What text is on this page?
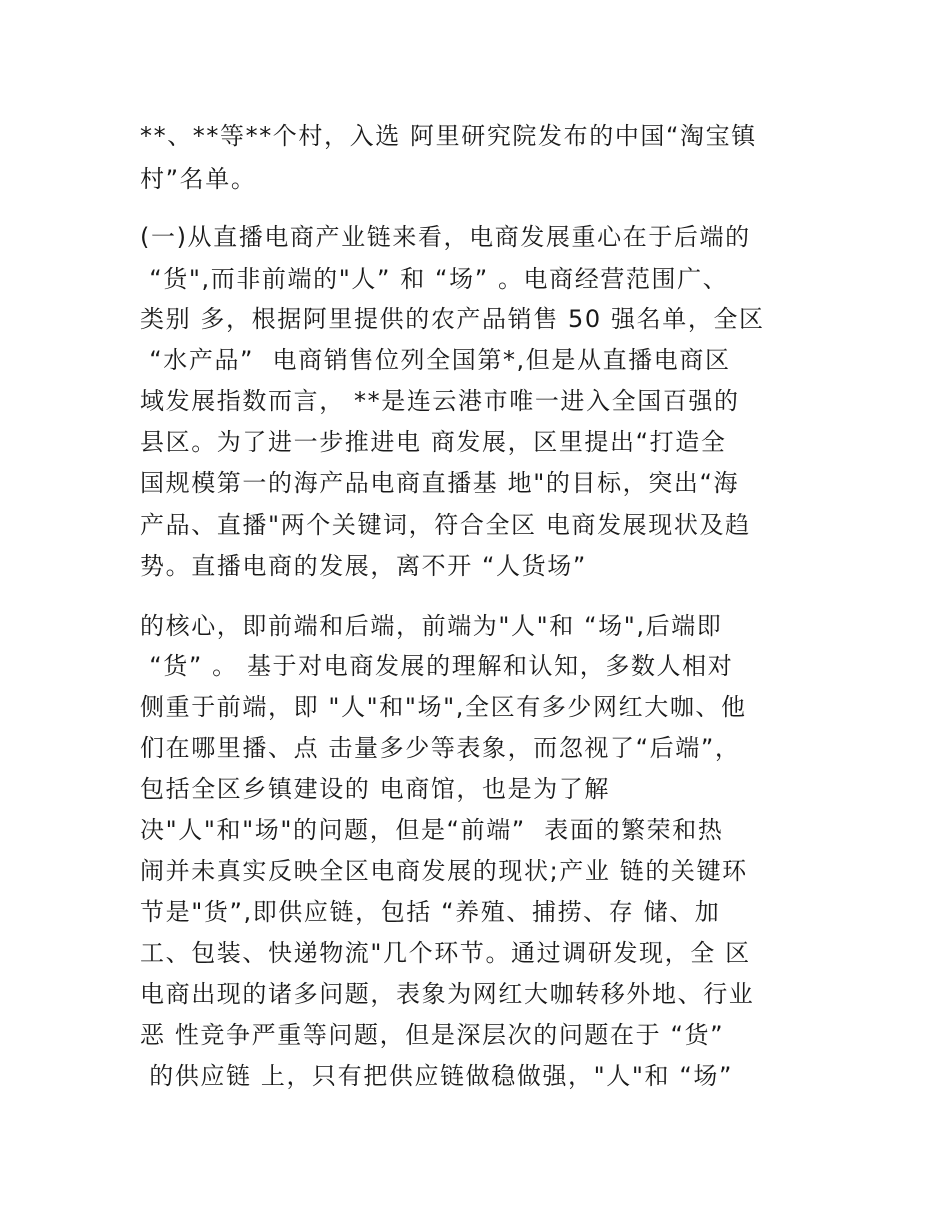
**、**等**个村，入选 阿里研究院发布的中国“淘宝镇
村”名单。
(一)从直播电商产业链来看，电商发展重心在于后端的
“货",而非前端的"人” 和 “场” 。电商经营范围广、
类别 多，根据阿里提供的农产品销售 50 强名单，全区
“水产品”  电商销售位列全国第*,但是从直播电商区
域发展指数而言， **是连云港市唯一进入全国百强的
县区。为了进一步推进电 商发展，区里提出“打造全
国规模第一的海产品电商直播基 地"的目标，突出“海
产品、直播"两个关键词，符合全区 电商发展现状及趋
势。直播电商的发展，离不开 “人货场”
的核心，即前端和后端，前端为"人"和 “场",后端即
“货” 。 基于对电商发展的理解和认知，多数人相对
侧重于前端，即 "人"和"场",全区有多少网红大咖、他
们在哪里播、点 击量多少等表象，而忽视了“后端”，
包括全区乡镇建设的 电商馆，也是为了解
决"人"和"场"的问题，但是“前端”  表面的繁荣和热
闹并未真实反映全区电商发展的现状;产业 链的关键环
节是"货”,即供应链，包括 “养殖、捕捞、存 储、加
工、包装、快递物流"几个环节。通过调研发现，全 区
电商出现的诸多问题，表象为网红大咖转移外地、行业
恶 性竞争严重等问题，但是深层次的问题在于 “货”
的供应链 上，只有把供应链做稳做强，"人"和 “场”
